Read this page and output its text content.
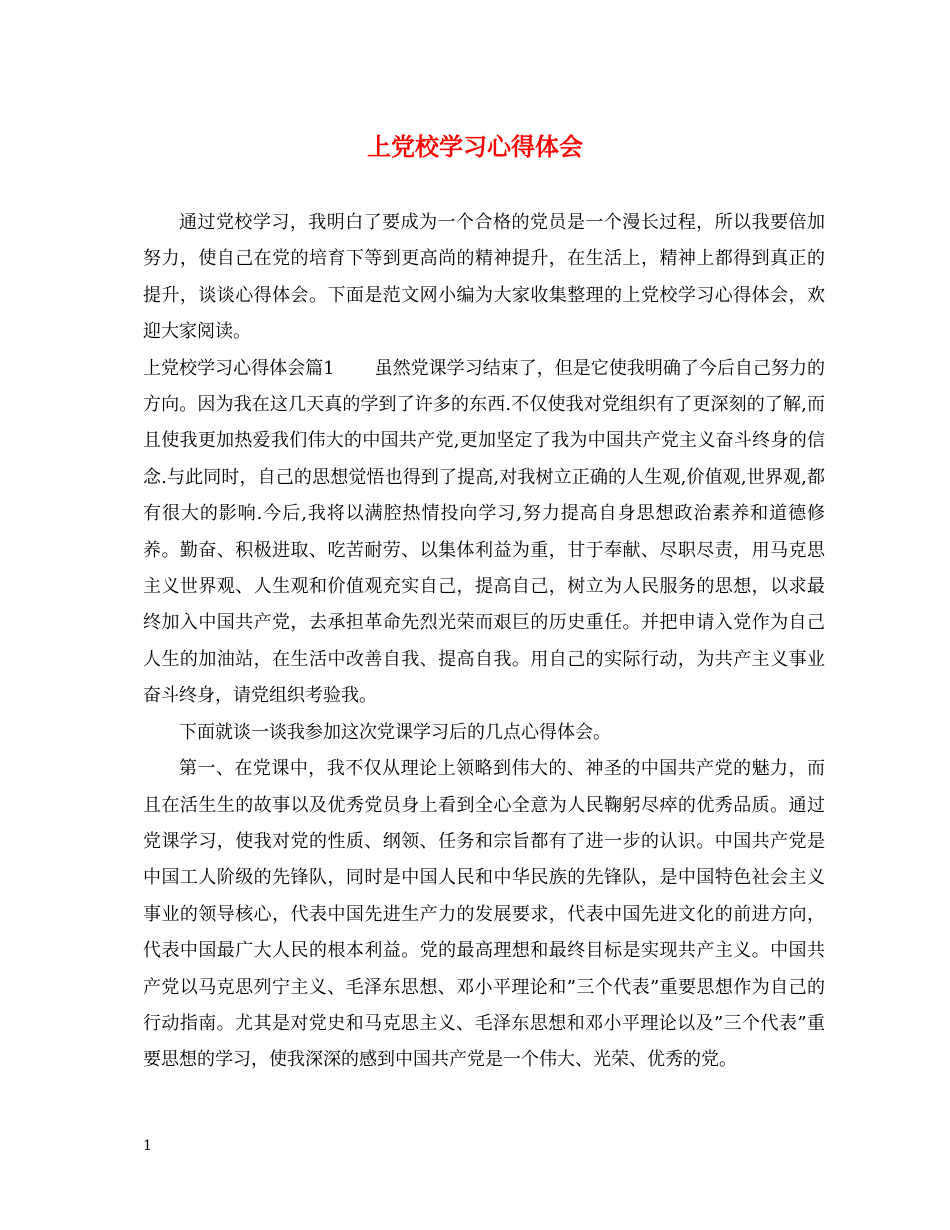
上党校学习心得体会

通过党校学习，我明白了要成为一个合格的党员是一个漫长过程，所以我要倍加努力，使自己在党的培育下等到更高尚的精神提升，在生活上，精神上都得到真正的提升，谈谈心得体会。下面是范文网小编为大家收集整理的上党校学习心得体会，欢迎大家阅读。

上党校学习心得体会篇1 虽然党课学习结束了，但是它使我明确了今后自己努力的方向。因为我在这几天真的学到了许多的东西.不仅使我对党组织有了更深刻的了解,而且使我更加热爱我们伟大的中国共产党,更加坚定了我为中国共产党主义奋斗终身的信念.与此同时，自己的思想觉悟也得到了提高,对我树立正确的人生观,价值观,世界观,都有很大的影响.今后,我将以满腔热情投向学习,努力提高自身思想政治素养和道德修养。勤奋、积极进取、吃苦耐劳、以集体利益为重，甘于奉献、尽职尽责，用马克思主义世界观、人生观和价值观充实自己，提高自己，树立为人民服务的思想，以求最终加入中国共产党，去承担革命先烈光荣而艰巨的历史重任。并把申请入党作为自己人生的加油站，在生活中改善自我、提高自我。用自己的实际行动，为共产主义事业奋斗终身，请党组织考验我。

下面就谈一谈我参加这次党课学习后的几点心得体会。

第一、在党课中，我不仅从理论上领略到伟大的、神圣的中国共产党的魅力，而且在活生生的故事以及优秀党员身上看到全心全意为人民鞠躬尽瘁的优秀品质。通过党课学习，使我对党的性质、纲领、任务和宗旨都有了进一步的认识。中国共产党是中国工人阶级的先锋队，同时是中国人民和中华民族的先锋队，是中国特色社会主义事业的领导核心，代表中国先进生产力的发展要求，代表中国先进文化的前进方向，代表中国最广大人民的根本利益。党的最高理想和最终目标是实现共产主义。中国共产党以马克思列宁主义、毛泽东思想、邓小平理论和”三个代表”重要思想作为自己的行动指南。尤其是对党史和马克思主义、毛泽东思想和邓小平理论以及”三个代表”重要思想的学习，使我深深的感到中国共产党是一个伟大、光荣、优秀的党。

1
